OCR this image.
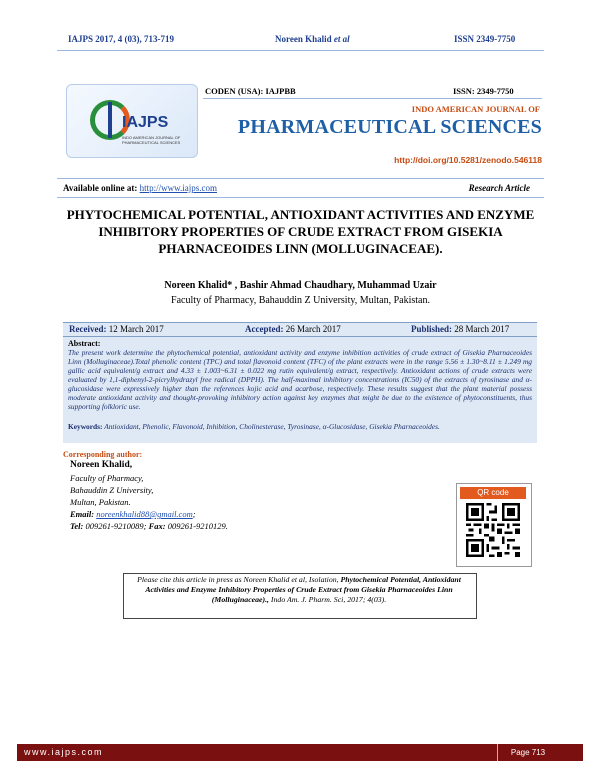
IAJPS 2017, 4 (03), 713-719	Noreen Khalid et al	ISSN 2349-7750
IAJPS
INDO AMERICAN JOURNAL OF PHARMACEUTICAL SCIENCES
CODEN (USA): IAJPBB	ISSN: 2349-7750
INDO AMERICAN JOURNAL OF
PHARMACEUTICAL SCIENCES
http://doi.org/10.5281/zenodo.546118
Available online at: http://www.iajps.com	Research Article
PHYTOCHEMICAL POTENTIAL, ANTIOXIDANT ACTIVITIES AND ENZYME INHIBITORY PROPERTIES OF CRUDE EXTRACT FROM GISEKIA PHARNACEOIDES LINN (MOLLUGINACEAE).
Noreen Khalid* , Bashir Ahmad Chaudhary, Muhammad Uzair
Faculty of Pharmacy, Bahauddin Z University, Multan, Pakistan.
Received: 12 March 2017	Accepted: 26 March 2017	Published: 28 March 2017
Abstract:
The present work determine the phytochemical potential, antioxidant activity and enzyme inhibition activities of crude extract of Gisekia Pharnaceoides Linn (Molluginaceae).Total phenolic content (TPC) and total flavonoid content (TFC) of the plant extracts were in the range 5.56 ± 1.30~8.11 ± 1.249 mg gallic acid equivalent/g extract and 4.33 ± 1.003~6.31 ± 0.022 mg rutin equivalent/g extract, respectively. Antioxidant actions of crude extracts were evaluated by 1,1-diphenyl-2-picrylhydrazyl free radical (DPPH). The half-maximal inhibitory concentrations (IC50) of the extracts of tyrosinase and α-glucosidase were expressively higher than the references kojic acid and acarbose, respectively. These results suggest that the plant material possess moderate antioxidant activity and thought-provoking inhibitory action against key enzymes that might be due to the existence of phytoconstituents, thus supporting folkloric use.
Keywords: Antioxidant, Phenolic, Flavonoid, Inhibition, Cholinesterase, Tyrosinase, α-Glucosidase, Gisekia Pharnaceoides.
Corresponding author:
Noreen Khalid,
Faculty of Pharmacy,
Bahauddin Z University,
Multan, Pakistan.
Email: noreenkhalid88@gmail.com;
Tel: 009261-9210089; Fax: 009261-9210129.
QR code
Please cite this article in press as Noreen Khalid et al, Isolation, Phytochemical Potential, Antioxidant Activities and Enzyme Inhibitory Properties of Crude Extract from Gisekia Pharnaceoides Linn (Molluginaceae)., Indo Am. J. Pharm. Sci, 2017; 4(03).
www.iajps.com	Page 713
